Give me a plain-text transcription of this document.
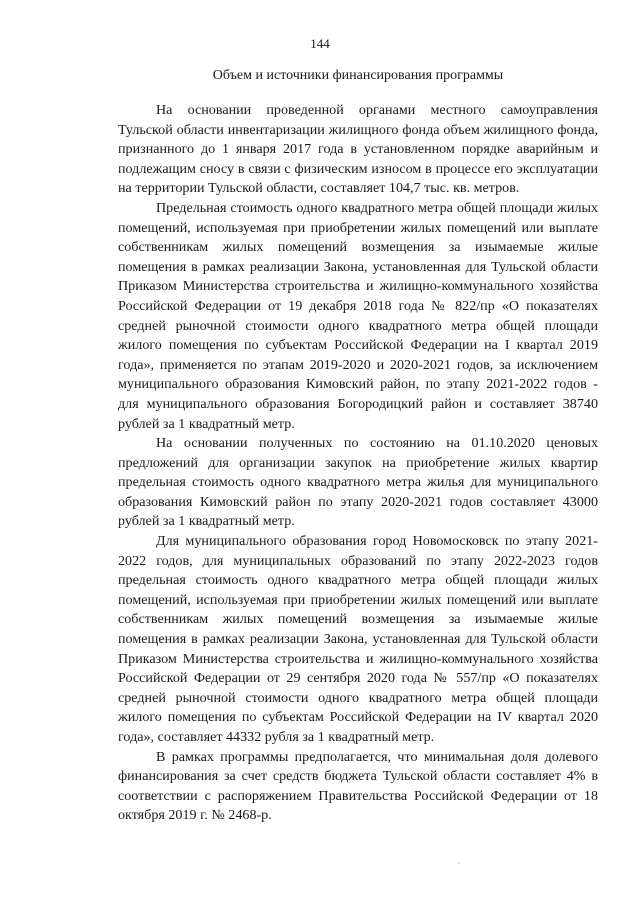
144
Объем и источники финансирования программы

На основании проведенной органами местного самоуправления Тульской области инвентаризации жилищного фонда объем жилищного фонда, признанного до 1 января 2017 года в установленном порядке аварийным и подлежащим сносу в связи с физическим износом в процессе его эксплуатации на территории Тульской области, составляет 104,7 тыс. кв. метров.

Предельная стоимость одного квадратного метра общей площади жилых помещений, используемая при приобретении жилых помещений или выплате собственникам жилых помещений возмещения за изымаемые жилые помещения в рамках реализации Закона, установленная для Тульской области Приказом Министерства строительства и жилищно-коммунального хозяйства Российской Федерации от 19 декабря 2018 года № 822/пр «О показателях средней рыночной стоимости одного квадратного метра общей площади жилого помещения по субъектам Российской Федерации на I квартал 2019 года», применяется по этапам 2019-2020 и 2020-2021 годов, за исключением муниципального образования Кимовский район, по этапу 2021-2022 годов - для муниципального образования Богородицкий район и составляет 38740 рублей за 1 квадратный метр.

На основании полученных по состоянию на 01.10.2020 ценовых предложений для организации закупок на приобретение жилых квартир предельная стоимость одного квадратного метра жилья для муниципального образования Кимовский район по этапу 2020-2021 годов составляет 43000 рублей за 1 квадратный метр.

Для муниципального образования город Новомосковск по этапу 2021-2022 годов, для муниципальных образований по этапу 2022-2023 годов предельная стоимость одного квадратного метра общей площади жилых помещений, используемая при приобретении жилых помещений или выплате собственникам жилых помещений возмещения за изымаемые жилые помещения в рамках реализации Закона, установленная для Тульской области Приказом Министерства строительства и жилищно-коммунального хозяйства Российской Федерации от 29 сентября 2020 года № 557/пр «О показателях средней рыночной стоимости одного квадратного метра общей площади жилого помещения по субъектам Российской Федерации на IV квартал 2020 года», составляет 44332 рубля за 1 квадратный метр.

В рамках программы предполагается, что минимальная доля долевого финансирования за счет средств бюджета Тульской области составляет 4% в соответствии с распоряжением Правительства Российской Федерации от 18 октября 2019 г. № 2468-р.
